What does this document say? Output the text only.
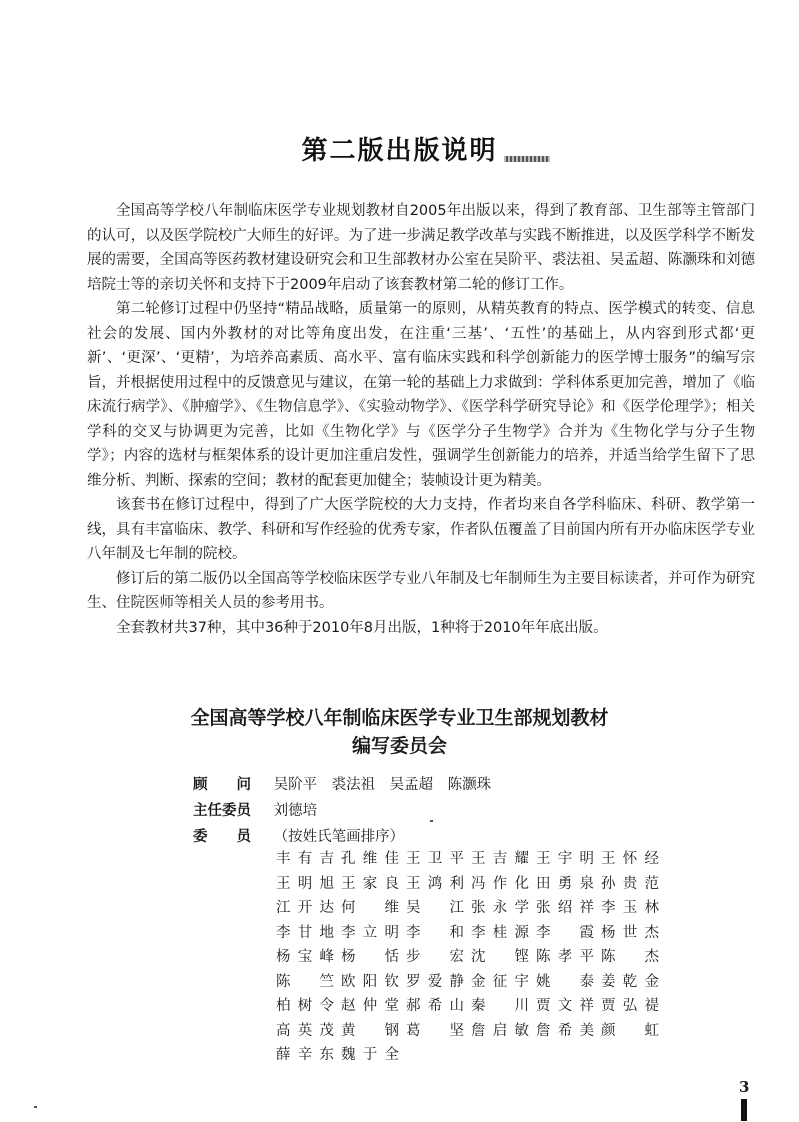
第二版出版说明

全国高等学校八年制临床医学专业规划教材自2005年出版以来，得到了教育部、卫生部等主管部门的认可，以及医学院校广大师生的好评。为了进一步满足教学改革与实践不断推进，以及医学科学不断发展的需要，全国高等医药教材建设研究会和卫生部教材办公室在吴阶平、裘法祖、吴孟超、陈灏珠和刘德培院士等的亲切关怀和支持下于2009年启动了该套教材第二轮的修订工作。

第二轮修订过程中仍坚持“精品战略，质量第一的原则，从精英教育的特点、医学模式的转变、信息社会的发展、国内外教材的对比等角度出发，在注重‘三基’、‘五性’的基础上，从内容到形式都‘更新’、‘更深’、‘更精’，为培养高素质、高水平、富有临床实践和科学创新能力的医学博士服务”的编写宗旨，并根据使用过程中的反馈意见与建议，在第一轮的基础上力求做到：学科体系更加完善，增加了《临床流行病学》、《肿瘤学》、《生物信息学》、《实验动物学》、《医学科学研究导论》和《医学伦理学》；相关学科的交叉与协调更为完善，比如《生物化学》与《医学分子生物学》合并为《生物化学与分子生物学》；内容的选材与框架体系的设计更加注重启发性，强调学生创新能力的培养，并适当给学生留下了思维分析、判断、探索的空间；教材的配套更加健全；装帧设计更为精美。

该套书在修订过程中，得到了广大医学院校的大力支持，作者均来自各学科临床、科研、教学第一线，具有丰富临床、教学、科研和写作经验的优秀专家，作者队伍覆盖了目前国内所有开办临床医学专业八年制及七年制的院校。

修订后的第二版仍以全国高等学校临床医学专业八年制及七年制师生为主要目标读者，并可作为研究生、住院医师等相关人员的参考用书。

全套教材共37种，其中36种于2010年8月出版，1种将于2010年年底出版。

全国高等学校八年制临床医学专业卫生部规划教材
编写委员会
顾　　问 吴阶平　裘法祖　吴孟超　陈灏珠
主任委员 刘德培
委　　员 （按姓氏笔画排序）
丰有吉 孔维佳 王卫平 王吉耀 王宇明 王怀经
王明旭 王家良 王鸿利 冯作化 田勇泉 孙贵范
江开达 何维 吴江 张永学 张绍祥 李玉林
李甘地 李立明 李和 李桂源 李霞 杨世杰
杨宝峰 杨恬 步宏 沈铿 陈孝平 陈杰
陈竺 欧阳钦 罗爱静 金征宇 姚泰 姜乾金
柏树令 赵仲堂 郝希山 秦川 贾文祥 贾弘禔
高英茂 黄钢 葛坚 詹启敏 詹希美 颜虹
薛辛东 魏于全
3
